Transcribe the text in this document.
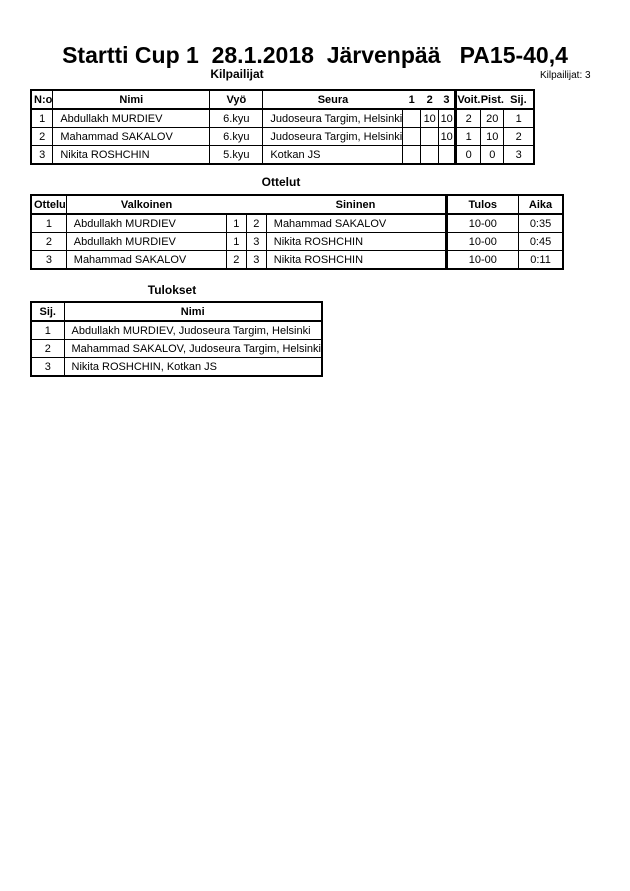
Startti Cup 1  28.1.2018  Järvenpää   PA15-40,4
Kilpailijat	Kilpailijat: 3
N:o	Nimi	Vyö	Seura	1	2	3	Voit.	Pist.	Sij.
1	Abdullakh MURDIEV	6.kyu	Judoseura Targim, Helsinki		10	10	2	20	1
2	Mahammad SAKALOV	6.kyu	Judoseura Targim, Helsinki			10	1	10	2
3	Nikita ROSHCHIN	5.kyu	Kotkan JS				0	0	3
Ottelut
Ottelu	Valkoinen			Sininen	Tulos	Aika
1	Abdullakh MURDIEV	1	2	Mahammad SAKALOV	10-00	0:35
2	Abdullakh MURDIEV	1	3	Nikita ROSHCHIN	10-00	0:45
3	Mahammad SAKALOV	2	3	Nikita ROSHCHIN	10-00	0:11
Tulokset
Sij.	Nimi
1	Abdullakh MURDIEV, Judoseura Targim, Helsinki
2	Mahammad SAKALOV, Judoseura Targim, Helsinki
3	Nikita ROSHCHIN, Kotkan JS
